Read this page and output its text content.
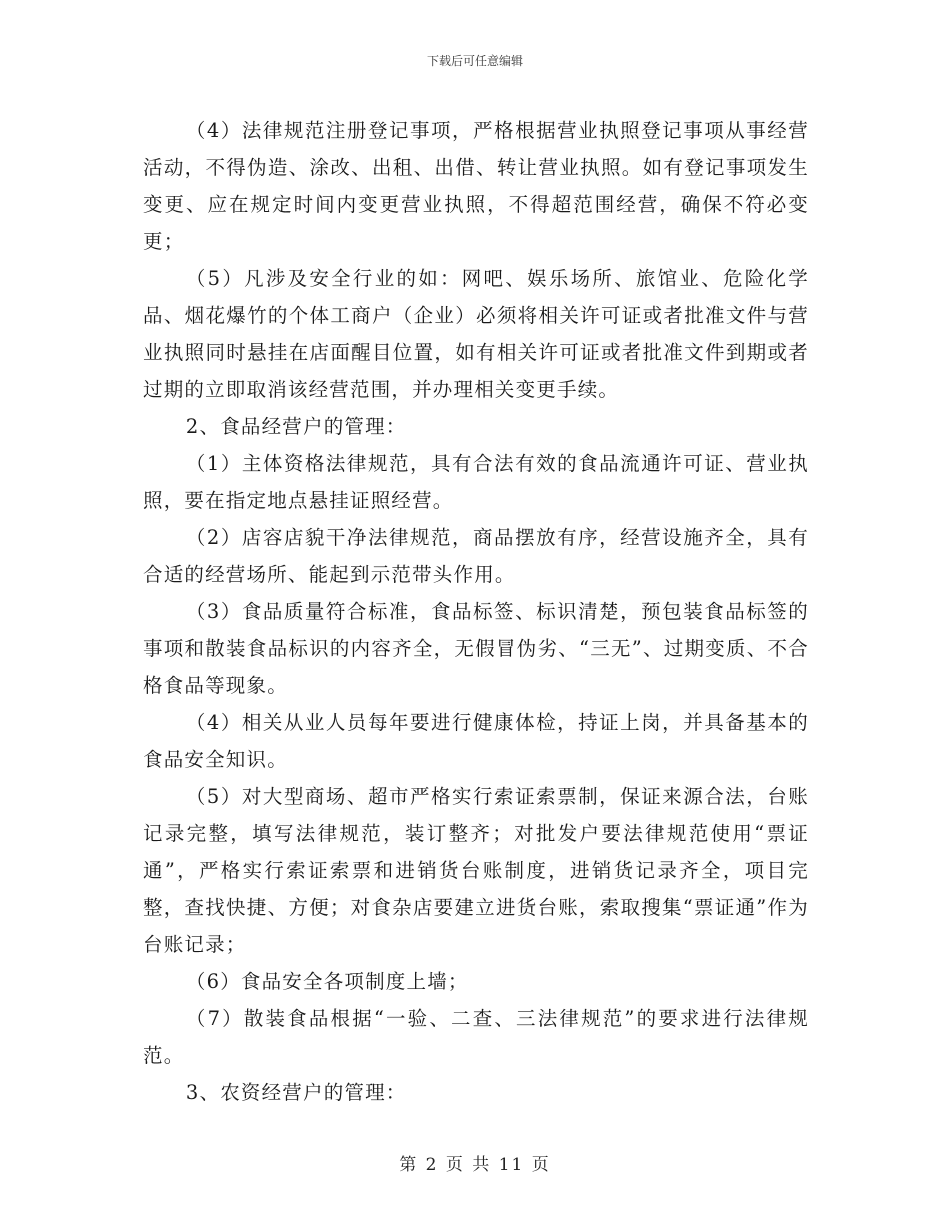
下载后可任意编辑

（4）法律规范注册登记事项，严格根据营业执照登记事项从事经营活动，不得伪造、涂改、出租、出借、转让营业执照。如有登记事项发生变更、应在规定时间内变更营业执照，不得超范围经营，确保不符必变更；

（5）凡涉及安全行业的如：网吧、娱乐场所、旅馆业、危险化学品、烟花爆竹的个体工商户（企业）必须将相关许可证或者批准文件与营业执照同时悬挂在店面醒目位置，如有相关许可证或者批准文件到期或者过期的立即取消该经营范围，并办理相关变更手续。

2、食品经营户的管理：

（1）主体资格法律规范，具有合法有效的食品流通许可证、营业执照，要在指定地点悬挂证照经营。

（2）店容店貌干净法律规范，商品摆放有序，经营设施齐全，具有合适的经营场所、能起到示范带头作用。

（3）食品质量符合标准，食品标签、标识清楚，预包装食品标签的事项和散装食品标识的内容齐全，无假冒伪劣、“三无”、过期变质、不合格食品等现象。

（4）相关从业人员每年要进行健康体检，持证上岗，并具备基本的食品安全知识。

（5）对大型商场、超市严格实行索证索票制，保证来源合法，台账记录完整，填写法律规范，装订整齐；对批发户要法律规范使用“票证通”，严格实行索证索票和进销货台账制度，进销货记录齐全，项目完整，查找快捷、方便；对食杂店要建立进货台账，索取搜集“票证通”作为台账记录；

（6）食品安全各项制度上墙；

（7）散装食品根据“一验、二查、三法律规范”的要求进行法律规范。

3、农资经营户的管理：

第 2 页 共 11 页
